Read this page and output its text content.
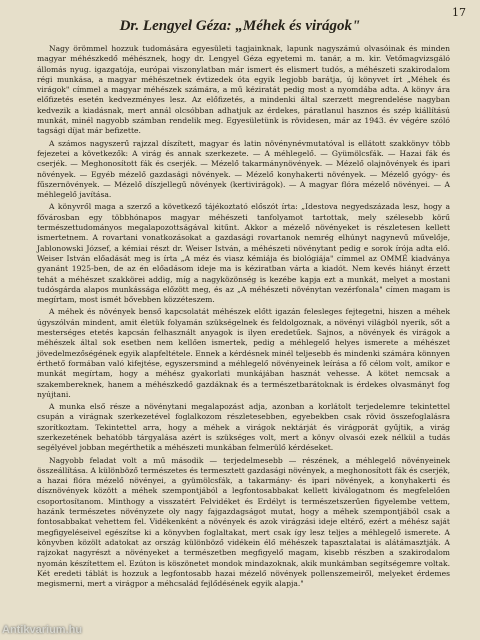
17
Dr. Lengyel Géza: „Méhek és virágok"

Nagy örömmel hozzuk tudomására egyesületi tagjainknak, lapunk nagyszámú olvasóinak és minden magyar méhészkedő méhésznek, hogy dr. Lengyel Géza egyetemi m. tanár, a m. kir. Vetőmagvizsgáló állomás nyug. igazgatója, európai viszonylatban már ismert és elismert tudós, a méhészeti szakirodalom régi munkása, a magyar méhészetnek évtizedek óta egyik legjobb barátja, új könyvet írt „Méhek és virágok" címmel a magyar méhészek számára, a mű kéziratát pedig most a nyomdába adta. A könyv ára előfizetés esetén kedvezményes lesz. Az előfizetés, a mindenki által szerzett megrendelése nagyban kedvezik a kiadásnak, mert annál olcsóbban adhatjuk az érdekes, páratlanul hasznos és szép kiállítású munkát, minél nagyobb számban rendelik meg. Egyesületünk is rövidesen, már az 1943. év végére szóló tagsági díjat már befizette.

A számos nagyszerű rajzzal díszített, magyar és latin növénynévmutatóval is ellátott szakkönyv több fejezetei a következők: A virág és annak szerkezete. — A méhlegelő. — Gyümölcsfák. — Hazai fák és cserjék. — Meghonosított fák és cserjék. — Mézelő takarmánynövények. — Mézelő olajnövények és ipari növények. — Egyéb mézelő gazdasági növények. — Mézelő konyhakerti növények. — Mézelő gyógy- és fűszernövények. — Mézelő díszjellegű növények (kertivirágok). — A magyar flóra mézelő növényei. — A méhlegelő javítása.

A könyvről maga a szerző a következő tájékoztató előszót írta: „Idestova negyedszázada lesz, hogy a fővárosban egy többhónapos magyar méhészeti tanfolyamot tartottak, mely szélesebb körű természettudományos megalapozottságával kitűnt. Akkor a mézelő növényeket is részletesen kellett ismertetnem. A rovartani vonatkozásokat a gazdasági rovartanok nemrég elhúnyt nagynevű művelője, Jablonowski József, a kémiai részt dr. Weiser István, a méhészeti növénytant pedig e sorok írója adta elő. Weiser István előadását meg is írta „A méz és viasz kémiája és biológiája" címmel az OMMÉ kiadványa gyanánt 1925-ben, de az én előadásom ideje ma is kéziratban várta a kiadót. Nem kevés hiányt érzett tehát a méhészet szakkörei addig, míg a nagyközönség is kezébe kapja ezt a munkát, melyet a mostani tudósgárda alapos munkássága előzött meg, és az „A méhészeti növénytan vezérfonala" címen magam is megírtam, most ismét bővebben közzéteszem.

A méhek és növények benső kapcsolatát méhészek előtt igazán felesleges fejtegetni, hiszen a méhek úgyszólván mindent, amit életük folyamán szükségelnek és feldolgoznak, a növényi világból nyerik, sőt a mesterséges etetés kapcsán felhasznált anyagok is ilyen eredetűek. Sajnos, a növények és virágok a méhészek által sok esetben nem kellően ismertek, pedig a méhlegelő helyes ismerete a méhészet jövedelmezőségének egyik alapfeltétele. Ennek a kérdésnek minél teljesebb és mindenki számára könnyen érthető formában való kifejtése, egyszersmind a méhlegelő növényeinek leírása a fő célom volt, amikor e munkát megírtam, hogy a méhész gyakorlati munkájában hasznát vehesse. A kötet nemcsak a szakembereknek, hanem a méhészkedő gazdáknak és a természetbarátoknak is érdekes olvasmányt fog nyújtani.

A munka első része a növénytani megalapozást adja, azonban a korlátolt terjedelemre tekintettel csupán a virágnak szerkezetével foglalkozom részletesebben, egyebekben csak rövid összefoglalásra szorítkoztam. Tekintettel arra, hogy a méhek a virágok nektárját és virágporát gyűjtik, a virág szerkezetének behatóbb tárgyalása azért is szükséges volt, mert a könyv olvasói ezek nélkül a tudás segélyével jobban megérthetik a méhészeti munkában felmerülő kérdéseket.

Nagyobb feladat volt a mű második — terjedelmesebb — részének, a méhlegelő növényeinek összeállítása. A különböző természetes és termesztett gazdasági növények, a meghonosított fák és cserjék, a hazai flóra mézelő növényei, a gyümölcsfák, a takarmány- és ipari növények, a konyhakerti és dísznövények között a méhek szempontjából a legfontosabbakat kellett kiválogatnom és megfelelően csoportosítanom. Minthogy a visszatért Felvidéket és Erdélyt is természetszerűen figyelembe vettem, hazánk természetes növényzete oly nagy fajgazdagságot mutat, hogy a méhek szempontjából csak a fontosabbakat vehettem fel. Vidékenként a növények és azok virágzási ideje eltérő, ezért a méhész saját megfigyeléseivel egészítse ki a könyvben foglaltakat, mert csak így lesz teljes a méhlegelő ismerete. A könyvben közölt adatokat az ország különböző vidékein élő méhészek tapasztalatai is alátámasztják. A rajzokat nagyrészt a növényeket a természetben megfigyelő magam, kisebb részben a szakirodalom nyomán készítettem el. Ezúton is köszönetet mondok mindazoknak, akik munkámban segítségemre voltak. Két eredeti táblát is hozzuk a legfontosabb hazai mézelő növények pollenszemeiről, melyeket érdemes megismerni, mert a virágpor a méhcsalád fejlődésének egyik alapja."

Antikvarium.hu
